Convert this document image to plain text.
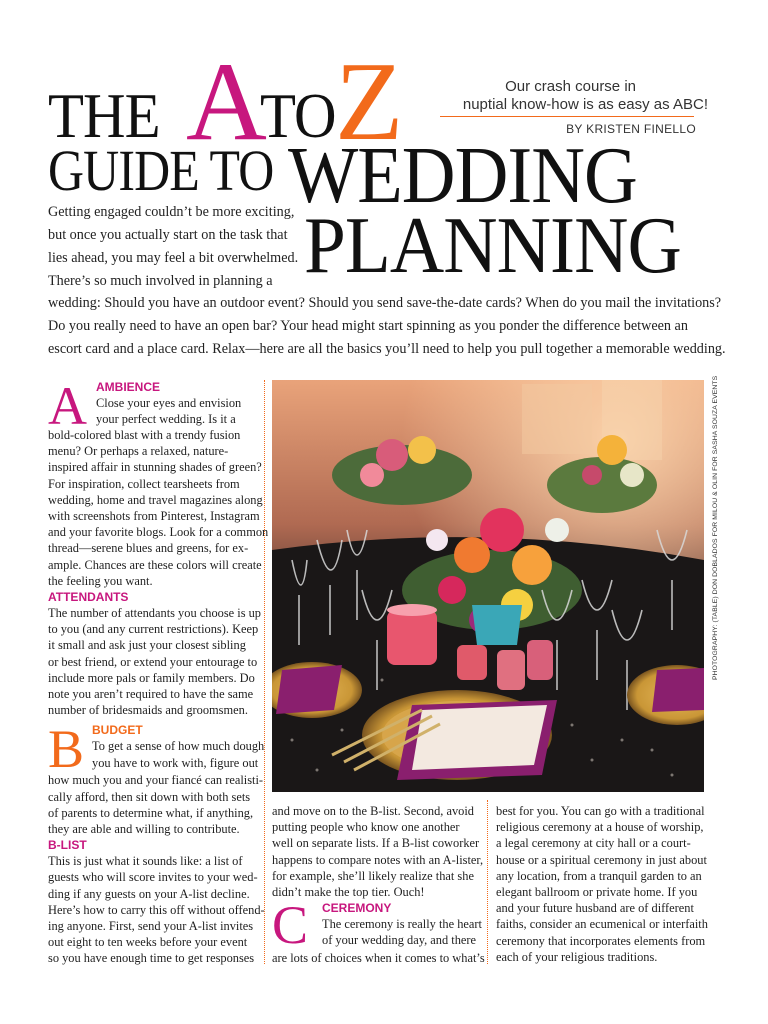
THE A
TO Z
GUIDE TO WEDDING
PLANNING
Our crash course in
nuptial know-how is as easy as ABC!
BY KRISTEN FINELLO
Getting engaged couldn’t be more exciting,
but once you actually start on the task that
lies ahead, you may feel a bit overwhelmed.
There’s so much involved in planning a
wedding: Should you have an outdoor event? Should you send save-the-date cards? When do you mail the invitations?
Do you really need to have an open bar? Your head might start spinning as you ponder the difference between an
escort card and a place card. Relax—here are all the basics you’ll need to help you pull together a memorable wedding.
A AMBIENCE
Close your eyes and envision
your perfect wedding. Is it a
bold-colored blast with a trendy fusion
menu? Or perhaps a relaxed, nature-
inspired affair in stunning shades of green?
For inspiration, collect tearsheets from
wedding, home and travel magazines along
with screenshots from Pinterest, Instagram
and your favorite blogs. Look for a common
thread—serene blues and greens, for ex-
ample. Chances are these colors will create
the feeling you want.
ATTENDANTS
The number of attendants you choose is up
to you (and any current restrictions). Keep
it small and ask just your closest sibling
or best friend, or extend your entourage to
include more pals or family members. Do
note you aren’t required to have the same
number of bridesmaids and groomsmen.
B BUDGET
To get a sense of how much dough
you have to work with, figure out
how much you and your fiancé can realisti-
cally afford, then sit down with both sets
of parents to determine what, if anything,
they are able and willing to contribute.
B-LIST
This is just what it sounds like: a list of
guests who will score invites to your wed-
ding if any guests on your A-list decline.
Here’s how to carry this off without offend-
ing anyone. First, send your A-list invites
out eight to ten weeks before your event
so you have enough time to get responses
PHOTOGRAPHY: (TABLE) DON DOBLADOS FOR MILOU & OLIN FOR SASHA SOUZA EVENTS
and move on to the B-list. Second, avoid
putting people who know one another
well on separate lists. If a B-list coworker
happens to compare notes with an A-lister,
for example, she’ll likely realize that she
didn’t make the top tier. Ouch!
C CEREMONY
The ceremony is really the heart
of your wedding day, and there
are lots of choices when it comes to what’s
best for you. You can go with a traditional
religious ceremony at a house of worship,
a legal ceremony at city hall or a court-
house or a spiritual ceremony in just about
any location, from a tranquil garden to an
elegant ballroom or private home. If you
and your future husband are of different
faiths, consider an ecumenical or interfaith
ceremony that incorporates elements from
each of your religious traditions.
